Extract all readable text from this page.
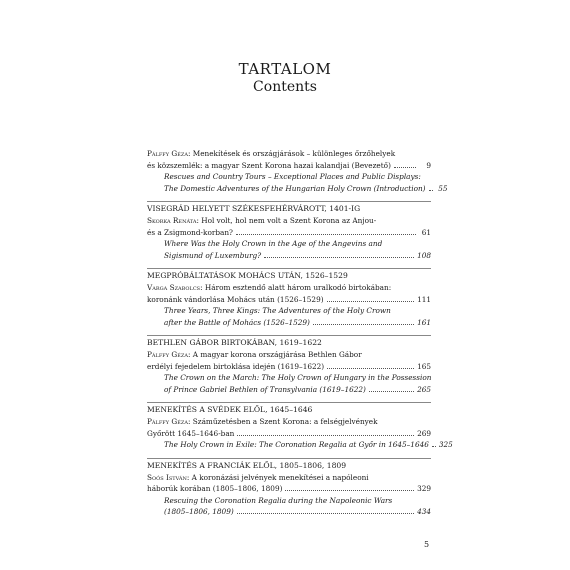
TARTALOM
Contents
Pálffy Géza: Menekítések és országjárások – különleges őrzőhelyek
és közszemlék: a magyar Szent Korona hazai kalandjai (Bevezető)	9
Rescues and Country Tours – Exceptional Places and Public Displays:
The Domestic Adventures of the Hungarian Holy Crown (Introduction)	55
VISEGRÁD HELYETT SZÉKESFEHÉRVÁROTT, 1401-IG
Skorka Renáta: Hol volt, hol nem volt a Szent Korona az Anjou-
és a Zsigmond-korban?	61
Where Was the Holy Crown in the Age of the Angevins and
Sigismund of Luxemburg?	108
MEGPRÓBÁLTATÁSOK MOHÁCS UTÁN, 1526–1529
Varga Szabolcs: Három esztendő alatt három uralkodó birtokában:
koronánk vándorlása Mohács után (1526–1529)	111
Three Years, Three Kings: The Adventures of the Holy Crown
after the Battle of Mohács (1526–1529)	161
BETHLEN GÁBOR BIRTOKÁBAN, 1619–1622
Pálffy Géza: A magyar korona országjárása Bethlen Gábor
erdélyi fejedelem birtoklása idején (1619–1622)	165
The Crown on the March: The Holy Crown of Hungary in the Possession
of Prince Gabriel Bethlen of Transylvania (1619–1622)	265
MENEKÍTÉS A SVÉDEK ELŐL, 1645–1646
Pálffy Géza: Száműzetésben a Szent Korona: a felségjelvények
Győrött 1645–1646-ban	269
The Holy Crown in Exile: The Coronation Regalia at Győr in 1645–1646 325
MENEKÍTÉS A FRANCIÁK ELŐL, 1805–1806, 1809
Soós István: A koronázási jelvények menekítései a napóleoni
háborúk korában (1805–1806, 1809)	329
Rescuing the Coronation Regalia during the Napoleonic Wars
(1805–1806, 1809)	434
5
